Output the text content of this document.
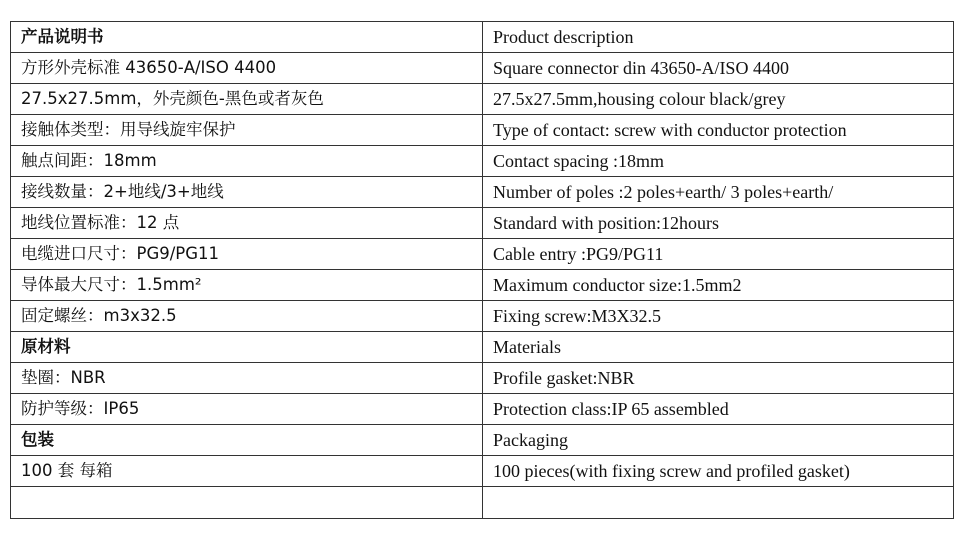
产品说明书	Product description
方形外壳标准 43650-A/ISO 4400	Square connector din 43650-A/ISO 4400
27.5x27.5mm，外壳颜色-黑色或者灰色	27.5x27.5mm,housing colour black/grey
接触体类型：用导线旋牢保护	Type of contact: screw with conductor protection
触点间距：18mm	Contact spacing :18mm
接线数量：2+地线/3+地线	Number of poles :2 poles+earth/ 3 poles+earth/
地线位置标准：12 点	Standard with position:12hours
电缆进口尺寸：PG9/PG11	Cable entry :PG9/PG11
导体最大尺寸：1.5mm²	Maximum conductor size:1.5mm2
固定螺丝：m3x32.5	Fixing screw:M3X32.5
原材料	Materials
垫圈：NBR	Profile gasket:NBR
防护等级：IP65	Protection class:IP 65 assembled
包装	Packaging
100 套 每箱	100 pieces(with fixing screw and profiled gasket)
